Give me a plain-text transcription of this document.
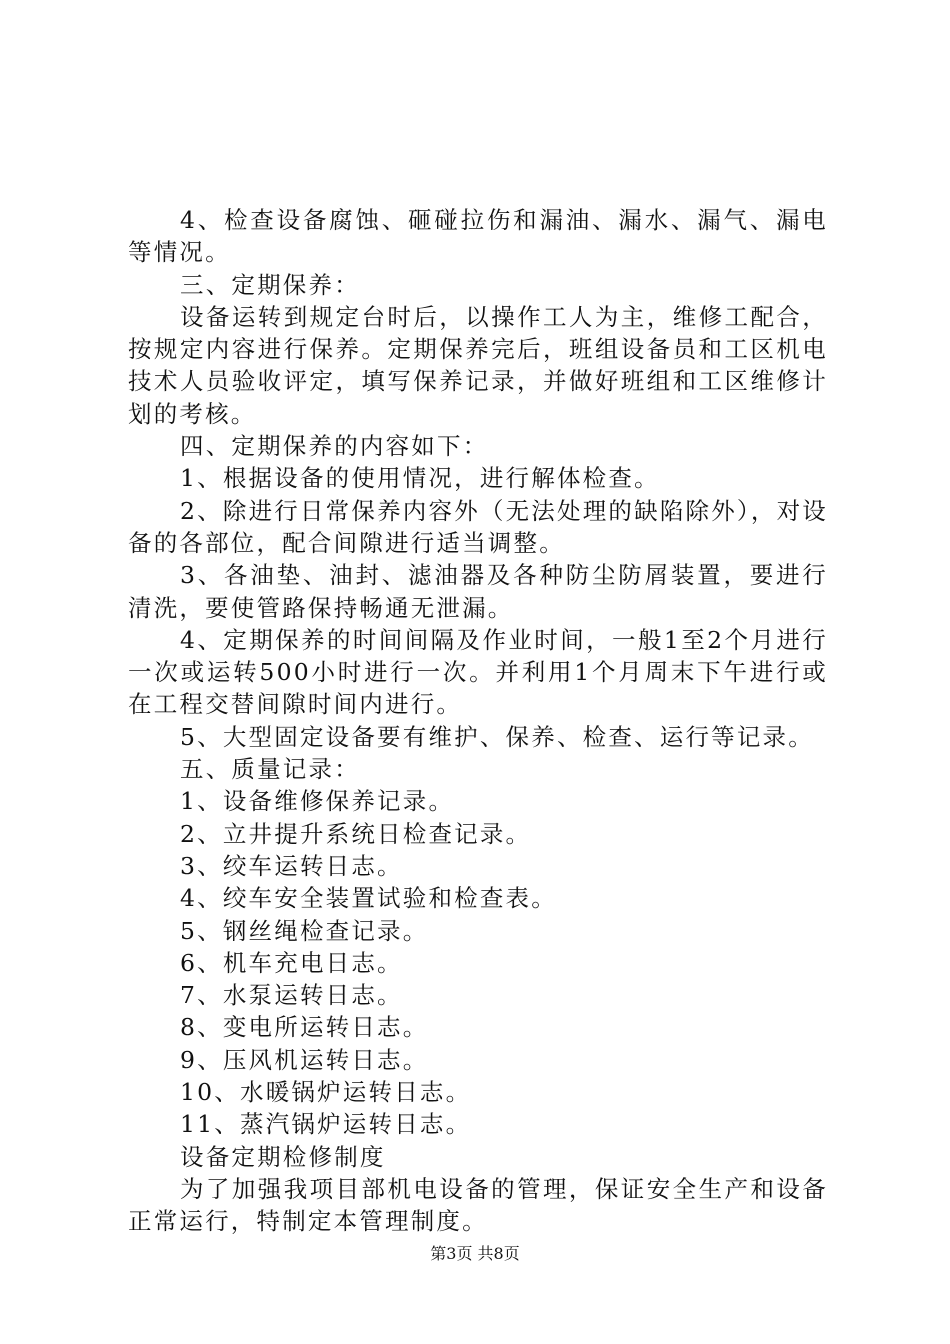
4、检查设备腐蚀、砸碰拉伤和漏油、漏水、漏气、漏电等情况。

三、定期保养：

设备运转到规定台时后，以操作工人为主，维修工配合，按规定内容进行保养。定期保养完后，班组设备员和工区机电技术人员验收评定，填写保养记录，并做好班组和工区维修计划的考核。

四、定期保养的内容如下：

1、根据设备的使用情况，进行解体检查。

2、除进行日常保养内容外（无法处理的缺陷除外），对设备的各部位，配合间隙进行适当调整。

3、各油垫、油封、滤油器及各种防尘防屑装置，要进行清洗，要使管路保持畅通无泄漏。

4、定期保养的时间间隔及作业时间，一般1至2个月进行一次或运转500小时进行一次。并利用1个月周末下午进行或在工程交替间隙时间内进行。

5、大型固定设备要有维护、保养、检查、运行等记录。

五、质量记录：

1、设备维修保养记录。

2、立井提升系统日检查记录。

3、绞车运转日志。

4、绞车安全装置试验和检查表。

5、钢丝绳检查记录。

6、机车充电日志。

7、水泵运转日志。

8、变电所运转日志。

9、压风机运转日志。

10、水暖锅炉运转日志。

11、蒸汽锅炉运转日志。

设备定期检修制度

为了加强我项目部机电设备的管理，保证安全生产和设备正常运行，特制定本管理制度。

第3页 共8页
